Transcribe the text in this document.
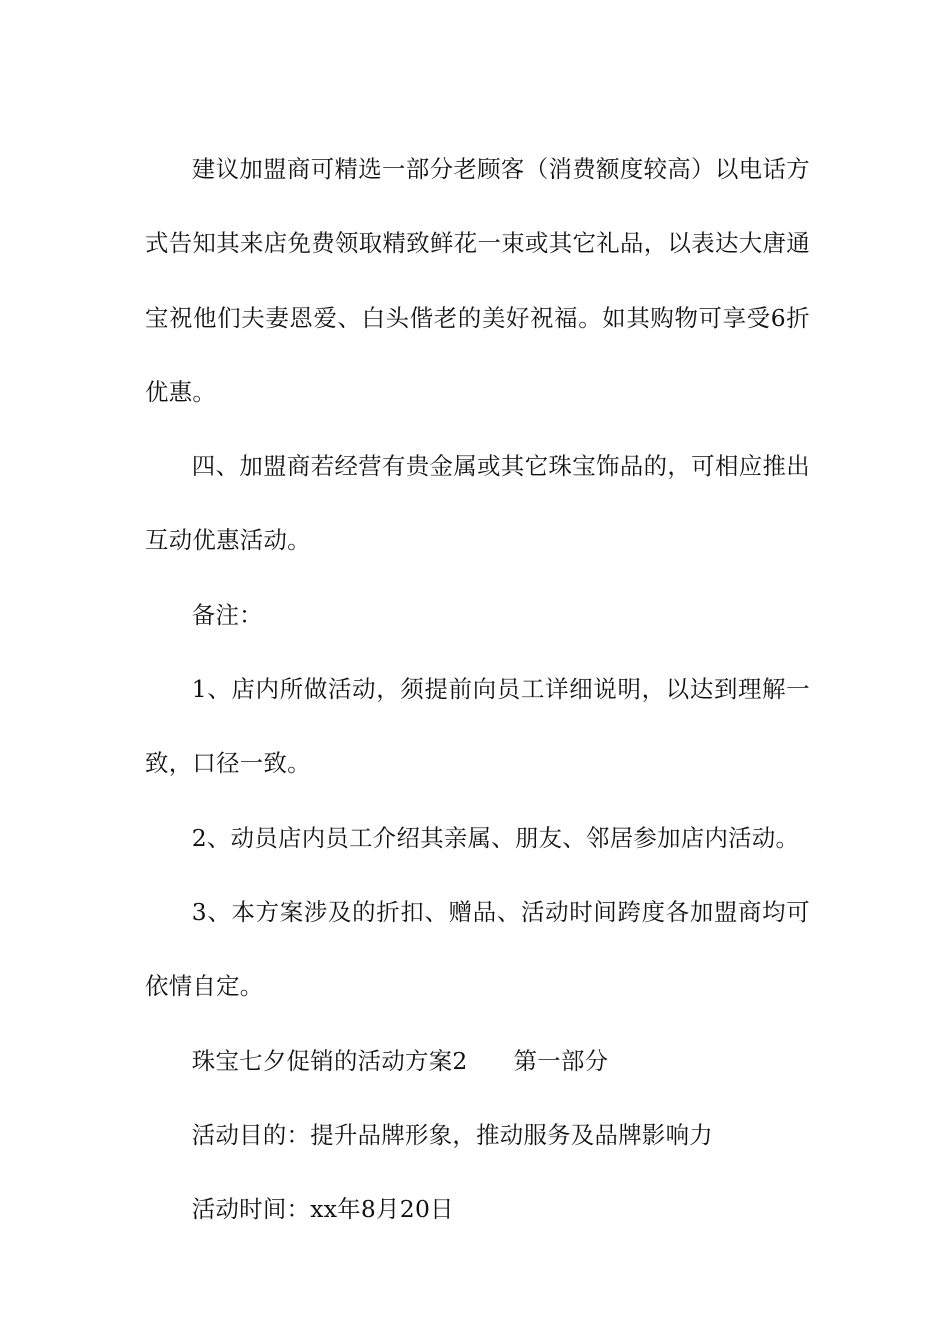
建议加盟商可精选一部分老顾客（消费额度较高）以电话方式告知其来店免费领取精致鲜花一束或其它礼品，以表达大唐通宝祝他们夫妻恩爱、白头偕老的美好祝福。如其购物可享受6折优惠。

四、加盟商若经营有贵金属或其它珠宝饰品的，可相应推出互动优惠活动。

备注：

1、店内所做活动，须提前向员工详细说明，以达到理解一致，口径一致。

2、动员店内员工介绍其亲属、朋友、邻居参加店内活动。

3、本方案涉及的折扣、赠品、活动时间跨度各加盟商均可依情自定。

珠宝七夕促销的活动方案2 第一部分

活动目的：提升品牌形象，推动服务及品牌影响力

活动时间：xx年8月20日
